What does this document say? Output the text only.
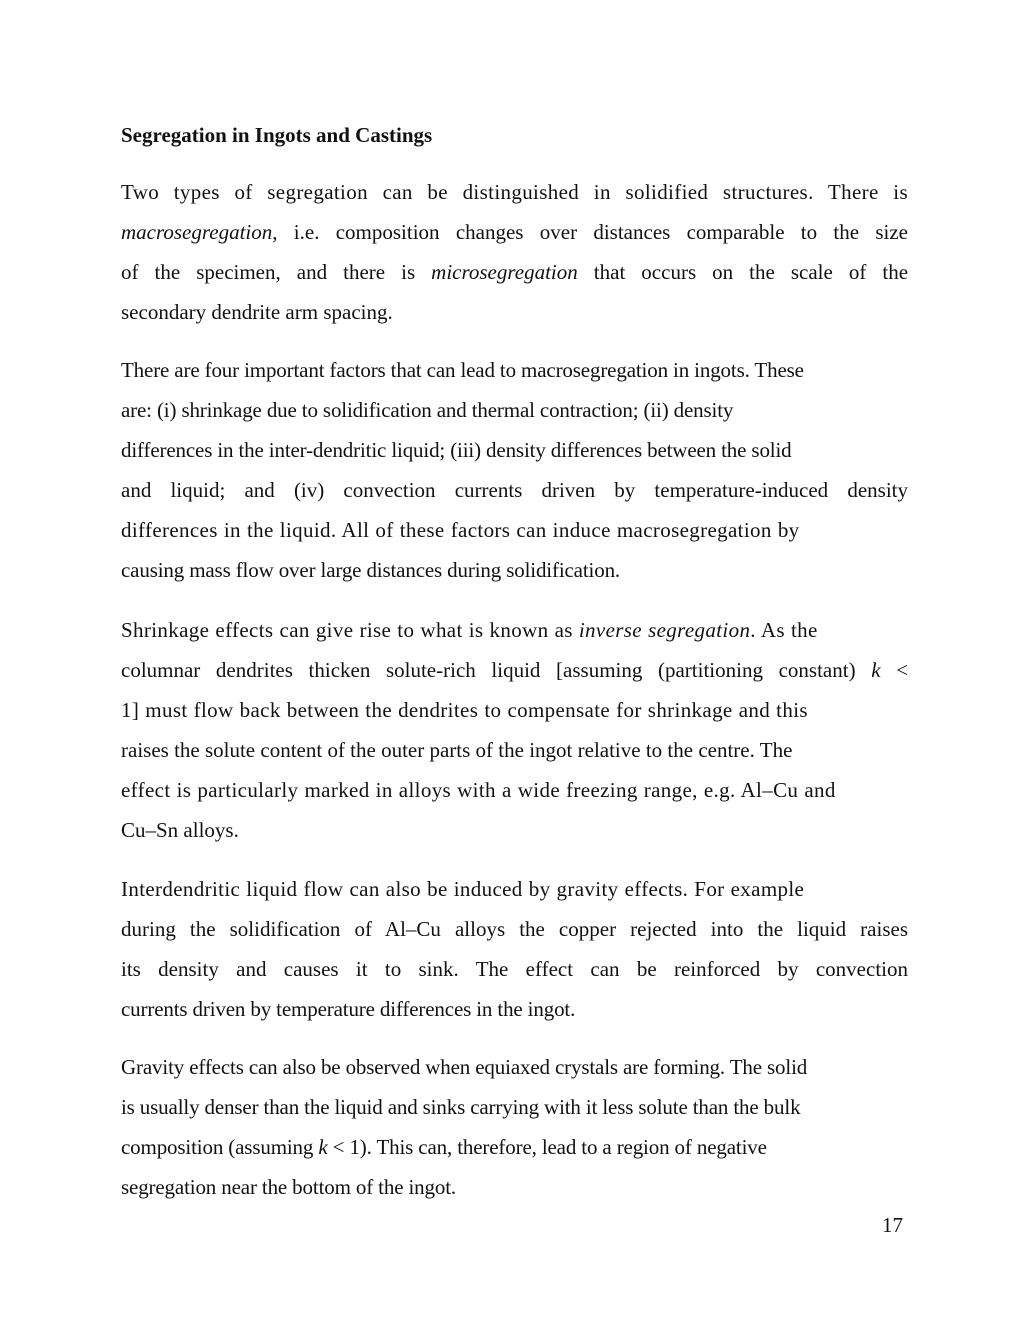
Segregation in Ingots and Castings
Two types of segregation can be distinguished in solidified structures. There is
macrosegregation, i.e. composition changes over distances comparable to the size
of the specimen, and there is microsegregation that occurs on the scale of the
secondary dendrite arm spacing.
There are four important factors that can lead to macrosegregation in ingots. These
are: (i) shrinkage due to solidification and thermal contraction; (ii) density
differences in the inter-dendritic liquid; (iii) density differences between the solid
and liquid; and (iv) convection currents driven by temperature-induced density
differences in the liquid. All of these factors can induce macrosegregation by
causing mass flow over large distances during solidification.
Shrinkage effects can give rise to what is known as inverse segregation. As the
columnar dendrites thicken solute-rich liquid [assuming (partitioning constant) k <
1] must flow back between the dendrites to compensate for shrinkage and this
raises the solute content of the outer parts of the ingot relative to the centre. The
effect is particularly marked in alloys with a wide freezing range, e.g. Al–Cu and
Cu–Sn alloys.
Interdendritic liquid flow can also be induced by gravity effects. For example
during the solidification of Al–Cu alloys the copper rejected into the liquid raises
its density and causes it to sink. The effect can be reinforced by convection
currents driven by temperature differences in the ingot.
Gravity effects can also be observed when equiaxed crystals are forming. The solid
is usually denser than the liquid and sinks carrying with it less solute than the bulk
composition (assuming k < 1). This can, therefore, lead to a region of negative
segregation near the bottom of the ingot.
17
